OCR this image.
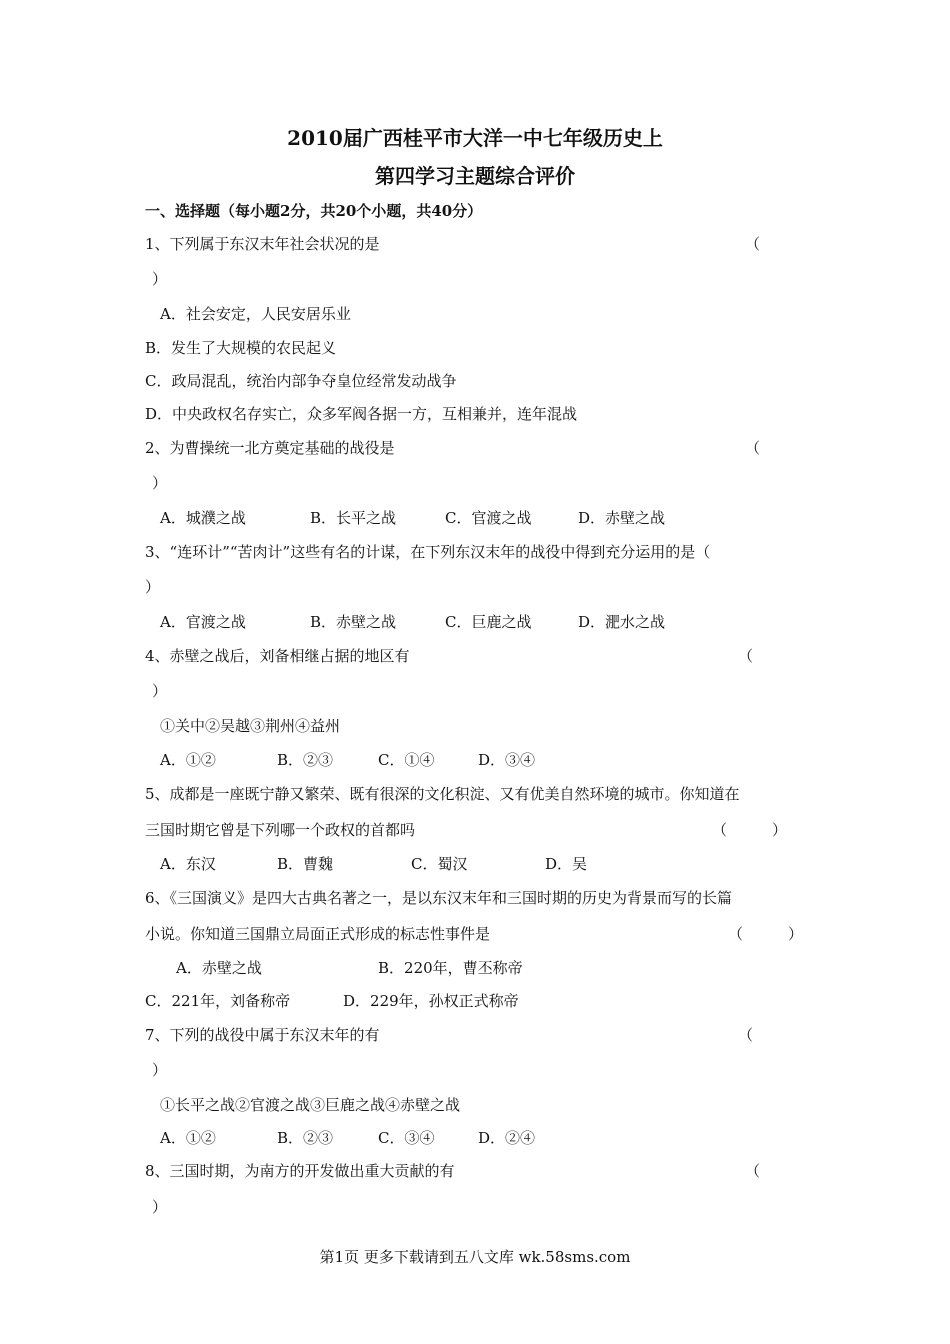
2010届广西桂平市大洋一中七年级历史上
第四学习主题综合评价
一、选择题（每小题2分，共20个小题，共40分）
1、下列属于东汉末年社会状况的是	（
）
A．社会安定，人民安居乐业
B．发生了大规模的农民起义
C．政局混乱，统治内部争夺皇位经常发动战争
D．中央政权名存实亡，众多军阀各据一方，互相兼并，连年混战
2、为曹操统一北方奠定基础的战役是	（
）
A．城濮之战	B．长平之战	C．官渡之战	D．赤壁之战
3、“连环计”“苦肉计”这些有名的计谋，在下列东汉末年的战役中得到充分运用的是（
）
A．官渡之战	B．赤壁之战	C．巨鹿之战	D．淝水之战
4、赤壁之战后，刘备相继占据的地区有	（
）
①关中②吴越③荆州④益州
A．①②	B．②③	C．①④	D．③④
5、成都是一座既宁静又繁荣、既有很深的文化积淀、又有优美自然环境的城市。你知道在
三国时期它曾是下列哪一个政权的首都吗	（　　　）
A．东汉	B．曹魏	C．蜀汉	D．吴
6、《三国演义》是四大古典名著之一，是以东汉末年和三国时期的历史为背景而写的长篇
小说。你知道三国鼎立局面正式形成的标志性事件是	（　　　）
A．赤壁之战	B．220年，曹丕称帝
C．221年，刘备称帝	D．229年，孙权正式称帝
7、下列的战役中属于东汉末年的有	（
）
①长平之战②官渡之战③巨鹿之战④赤壁之战
A．①②	B．②③	C．③④	D．②④
8、三国时期，为南方的开发做出重大贡献的有	（
）
第1页 更多下载请到五八文库 wk.58sms.com
